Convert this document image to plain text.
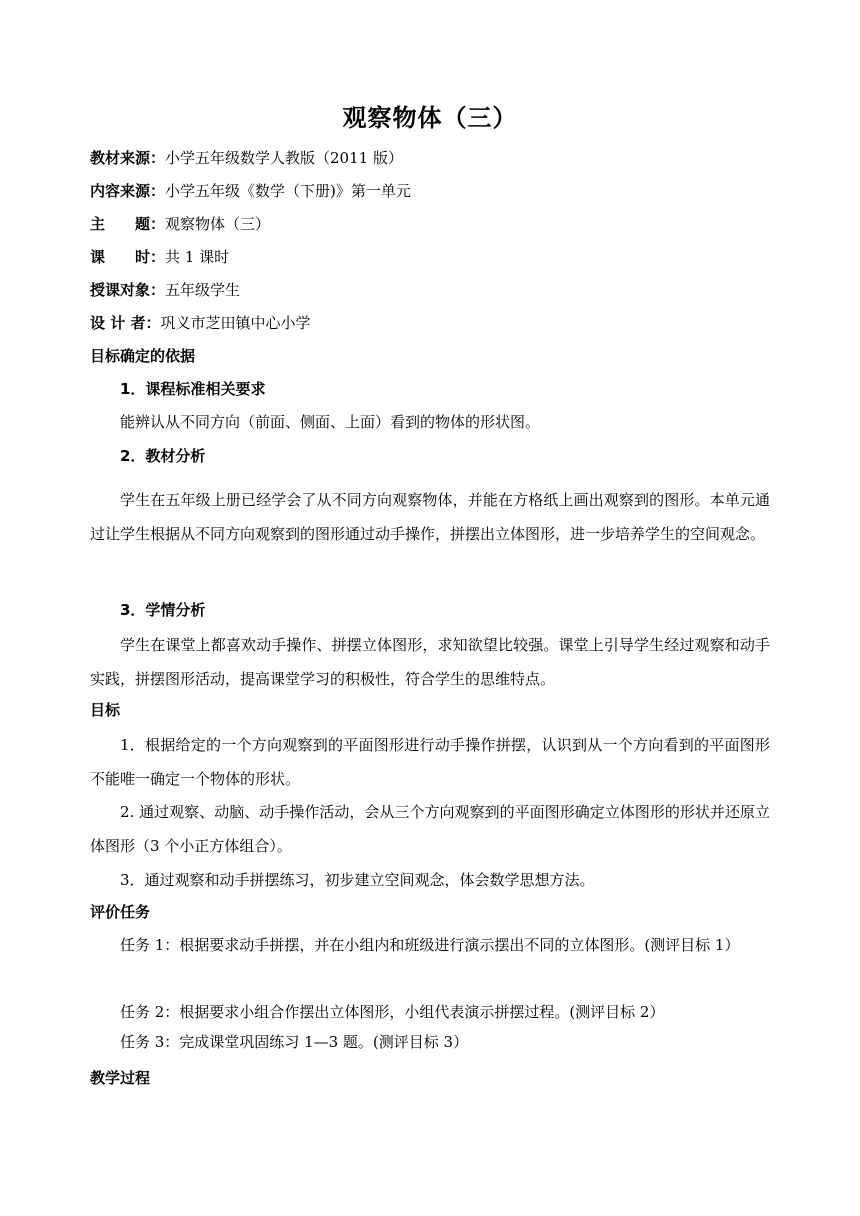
观察物体（三）
教材来源：小学五年级数学人教版（2011 版）
内容来源：小学五年级《数学（下册)》第一单元
主　　题：观察物体（三）
课　　时：共 1 课时
授课对象：五年级学生
设 计 者：巩义市芝田镇中心小学
目标确定的依据
1．课程标准相关要求
能辨认从不同方向（前面、侧面、上面）看到的物体的形状图。
2．教材分析
学生在五年级上册已经学会了从不同方向观察物体，并能在方格纸上画出观察到的图形。本单元通过让学生根据从不同方向观察到的图形通过动手操作，拼摆出立体图形，进一步培养学生的空间观念。
3．学情分析
学生在课堂上都喜欢动手操作、拼摆立体图形，求知欲望比较强。课堂上引导学生经过观察和动手实践，拼摆图形活动，提高课堂学习的积极性，符合学生的思维特点。
目标
1．根据给定的一个方向观察到的平面图形进行动手操作拼摆，认识到从一个方向看到的平面图形不能唯一确定一个物体的形状。
2. 通过观察、动脑、动手操作活动，会从三个方向观察到的平面图形确定立体图形的形状并还原立体图形（3 个小正方体组合）。
3．通过观察和动手拼摆练习，初步建立空间观念，体会数学思想方法。
评价任务
任务 1：根据要求动手拼摆，并在小组内和班级进行演示摆出不同的立体图形。(测评目标 1）
任务 2：根据要求小组合作摆出立体图形，小组代表演示拼摆过程。(测评目标 2）
任务 3：完成课堂巩固练习 1—3 题。(测评目标 3）
教学过程
